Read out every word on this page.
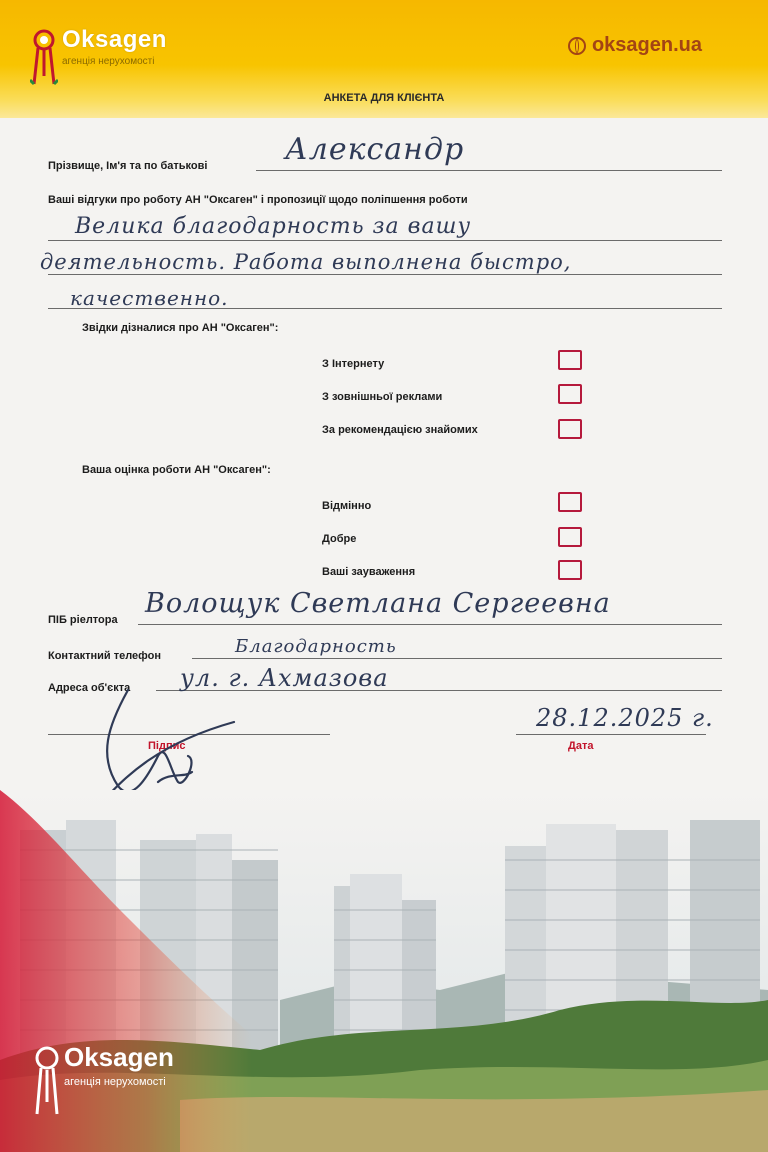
Oksagen
агенція нерухомості
oksagen.ua
АНКЕТА ДЛЯ КЛІЄНТА
Прізвище, Ім'я та по батькові	Александр
Ваші відгуки про роботу АН "Оксаген" і пропозиції щодо поліпшення роботи
Велика благодарность за вашу
деятельность. Работа выполнена быстро,
качественно.
Звідки дізналися про АН "Оксаген":
З Інтернету
З зовнішньої реклами
За рекомендацією знайомих
Ваша оцінка роботи АН "Оксаген":
Відмінно
Добре
Ваші зауваження
ПІБ ріелтора
Волощук Светлана Сергеевна
Контактний телефон	Благодарность
Адреса об'єкта ул. г. Ахмазова
Підпис	Дата
28.12.2025 г.
Oksagen
агенція нерухомості
